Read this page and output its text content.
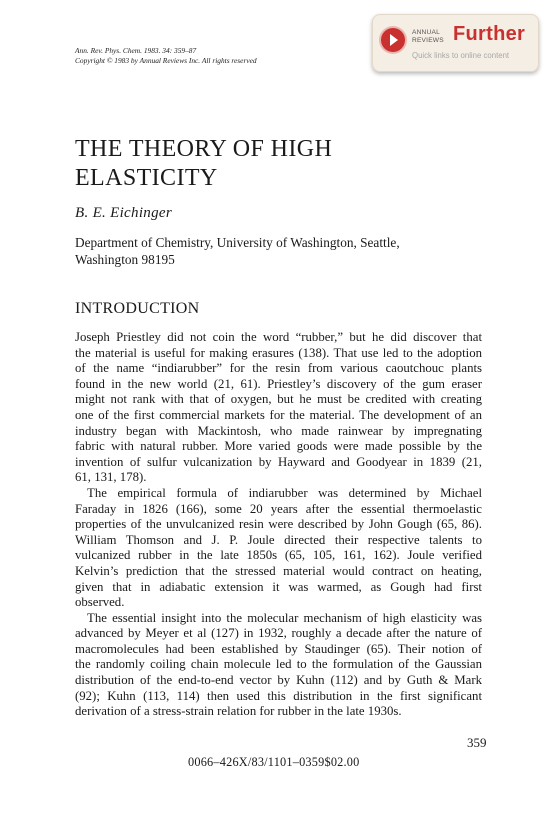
Ann. Rev. Phys. Chem. 1983. 34: 359–87
Copyright © 1983 by Annual Reviews Inc. All rights reserved
ANNUAL
REVIEWS Further
Quick links to online content
THE THEORY OF HIGH
ELASTICITY
B. E. Eichinger
Department of Chemistry, University of Washington, Seattle,
Washington 98195
INTRODUCTION
Joseph Priestley did not coin the word “rubber,” but he did discover that
the material is useful for making erasures (138). That use led to the adoption
of the name “indiarubber” for the resin from various caoutchouc plants
found in the new world (21, 61). Priestley’s discovery of the gum eraser
might not rank with that of oxygen, but he must be credited with creating
one of the first commercial markets for the material. The development of an
industry began with Mackintosh, who made rainwear by impregnating
fabric with natural rubber. More varied goods were made possible by the
invention of sulfur vulcanization by Hayward and Goodyear in 1839 (21,
61, 131, 178).
The empirical formula of indiarubber was determined by Michael
Faraday in 1826 (166), some 20 years after the essential thermoelastic
properties of the unvulcanized resin were described by John Gough (65, 86).
William Thomson and J. P. Joule directed their respective talents to
vulcanized rubber in the late 1850s (65, 105, 161, 162). Joule verified
Kelvin’s prediction that the stressed material would contract on heating,
given that in adiabatic extension it was warmed, as Gough had first
observed.
The essential insight into the molecular mechanism of high elasticity was
advanced by Meyer et al (127) in 1932, roughly a decade after the nature of
macromolecules had been established by Staudinger (65). Their notion of
the randomly coiling chain molecule led to the formulation of the Gaussian
distribution of the end-to-end vector by Kuhn (112) and by Guth & Mark
(92); Kuhn (113, 114) then used this distribution in the first significant
derivation of a stress-strain relation for rubber in the late 1930s.
359
0066–426X/83/1101–0359$02.00
